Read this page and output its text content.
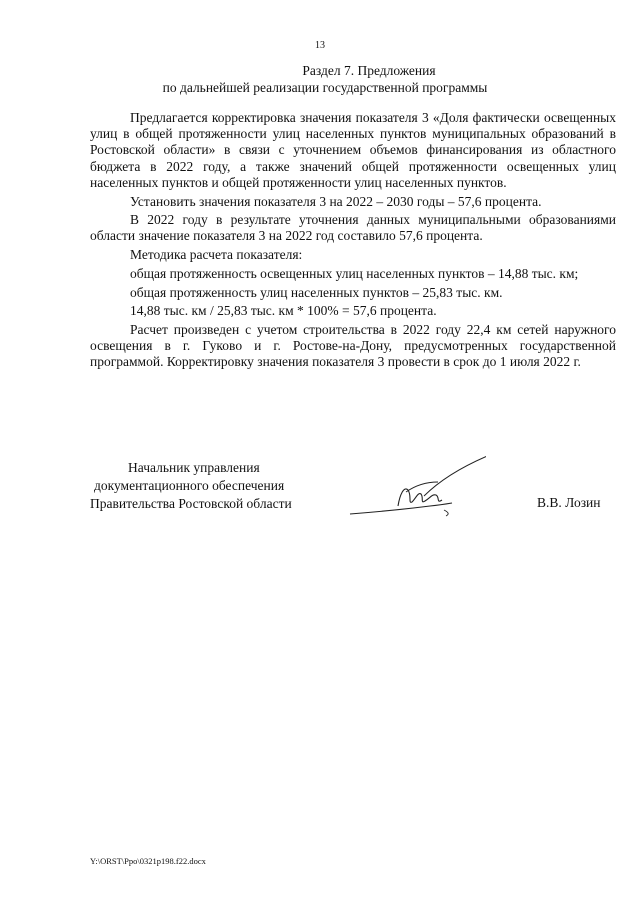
13
Раздел 7. Предложения
по дальнейшей реализации государственной программы

Предлагается корректировка значения показателя 3 «Доля фактически освещенных улиц в общей протяженности улиц населенных пунктов муниципальных образований в Ростовской области» в связи с уточнением объемов финансирования из областного бюджета в 2022 году, а также значений общей протяженности освещенных улиц населенных пунктов и общей протяженности улиц населенных пунктов.

Установить значения показателя 3 на 2022 – 2030 годы – 57,6 процента.

В 2022 году в результате уточнения данных муниципальными образованиями области значение показателя 3 на 2022 год составило 57,6 процента.

Методика расчета показателя:

общая протяженность освещенных улиц населенных пунктов – 14,88 тыс. км;

общая протяженность улиц населенных пунктов – 25,83 тыс. км.

14,88 тыс. км / 25,83 тыс. км * 100% = 57,6 процента.

Расчет произведен с учетом строительства в 2022 году 22,4 км сетей наружного освещения в г. Гуково и г. Ростове-на-Дону, предусмотренных государственной программой. Корректировку значения показателя 3 провести в срок до 1 июля 2022 г.

Начальник управления
документационного обеспечения
Правительства Ростовской области	В.В. Лозин
Y:\ORST\Ppo\0321p198.f22.docx
